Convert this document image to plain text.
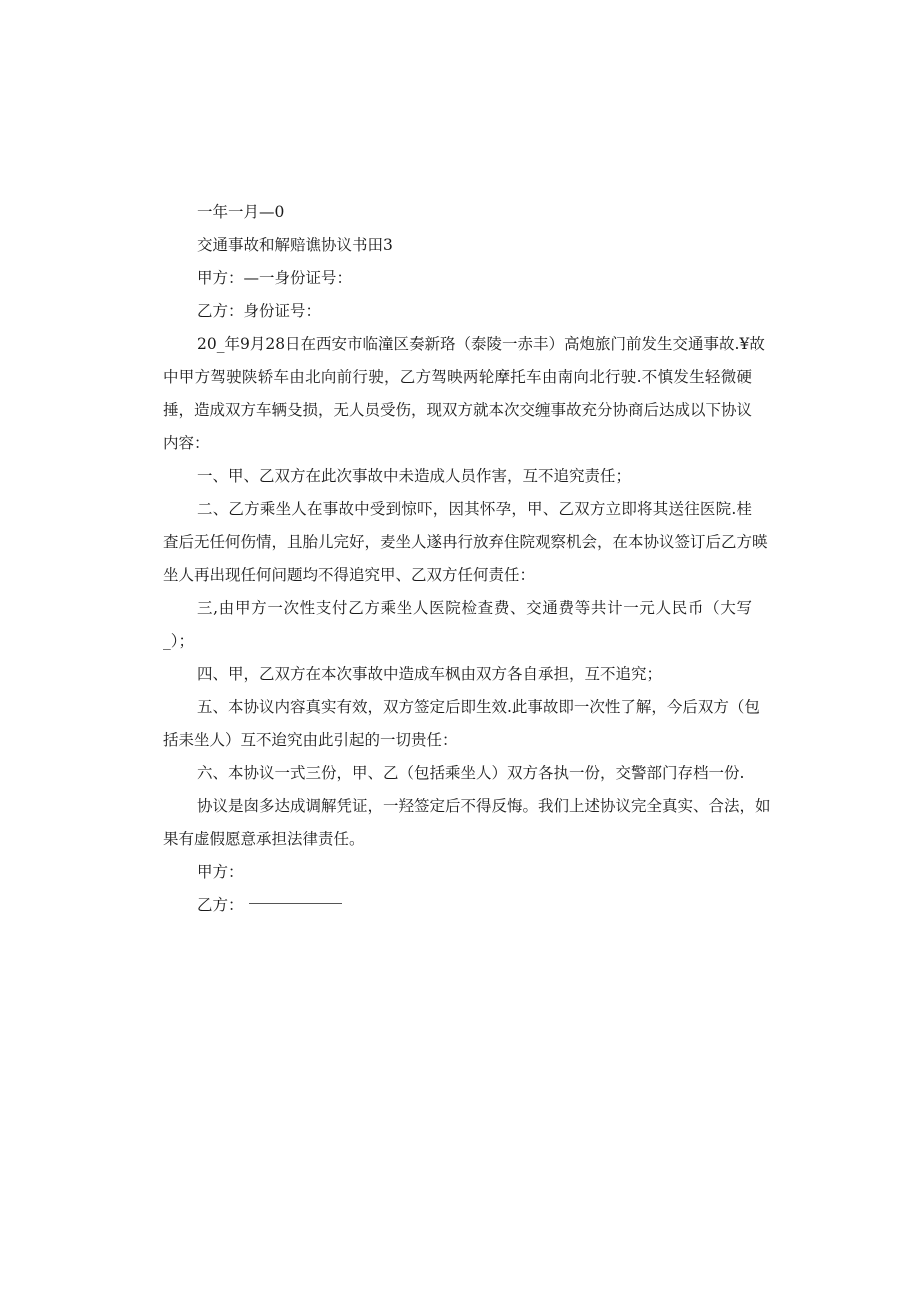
一年一月—0
交通事故和解赔谯协议书田3
甲方：—一身份证号：
乙方：身份证号：
20_年9月28日在西安市临潼区奏新珞（泰陵一赤丰）高炮旅门前发生交通事故.¥故
中甲方驾驶陕轿车由北向前行驶，乙方驾映两轮摩托车由南向北行驶.不慎发生轻微硬
捶，造成双方车辆殳损，无人员受伤，现双方就本次交缠事故充分协商后达成以下协议
内容：
一、甲、乙双方在此次事故中未造成人员作害，互不追究责任；
二、乙方乘坐人在事故中受到惊吓，因其怀孕，甲、乙双方立即将其送往医院.桂
査后无任何伤情，且胎儿完好，麦坐人遂冉行放弃住院观察机会，在本协议签订后乙方暎
坐人再出现任何问题均不得追究甲、乙双方任何责任：
三,由甲方一次性支付乙方乘坐人医院检查费、交通费等共计一元人民币（大写
_）；
四、甲，乙双方在本次事故中造成车枫由双方各自承担，互不追究；
五、本协议内容真实有效，双方签定后即生效.此事故即一次性了解，今后双方（包
括耒坐人）互不迨究由此引起的一切贵任：
六、本协议一式三份，甲、乙（包括乘坐人）双方各执一份，交警部门存档一份.
协议是囱多达成调解凭证，一羟签定后不得反悔。我们上述协议完全真实、合法，如
果有虚假愿意承担法律责任。
甲方：
乙方：
